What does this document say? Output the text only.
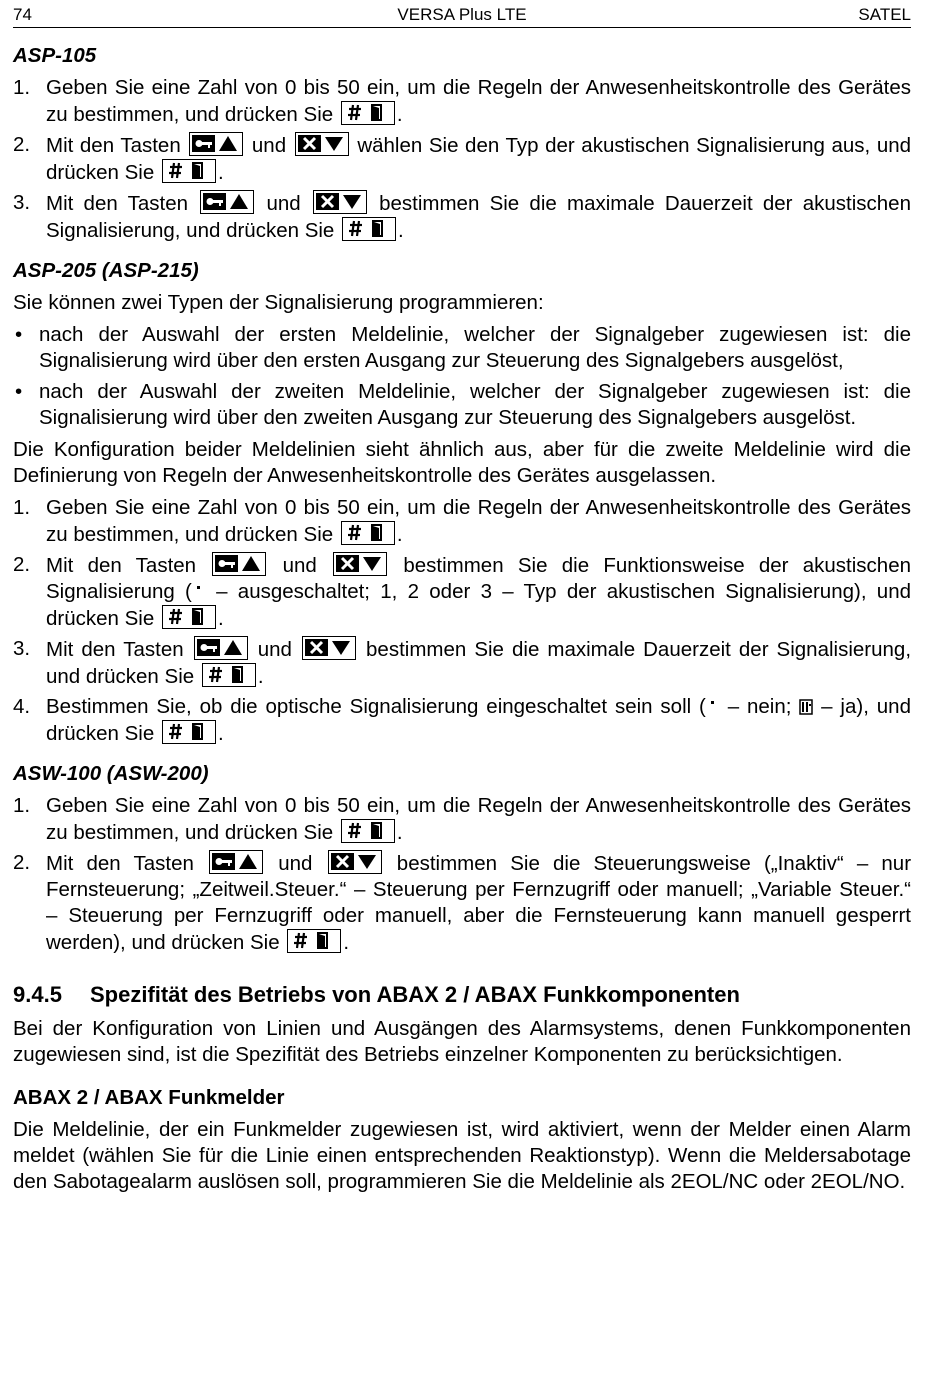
74	VERSA Plus LTE	SATEL
ASP-105
1. Geben Sie eine Zahl von 0 bis 50 ein, um die Regeln der Anwesenheitskontrolle des Gerätes zu bestimmen, und drücken Sie	.
2. Mit den Tasten	und	wählen Sie den Typ der akustischen Signalisierung aus, und drücken Sie	.
3. Mit den Tasten	und	bestimmen Sie die maximale Dauerzeit der akustischen Signalisierung, und drücken Sie	.
ASP-205 (ASP-215)

Sie können zwei Typen der Signalisierung programmieren:

• nach der Auswahl der ersten Meldelinie, welcher der Signalgeber zugewiesen ist: die Signalisierung wird über den ersten Ausgang zur Steuerung des Signalgebers ausgelöst,
• nach der Auswahl der zweiten Meldelinie, welcher der Signalgeber zugewiesen ist: die Signalisierung wird über den zweiten Ausgang zur Steuerung des Signalgebers ausgelöst.

Die Konfiguration beider Meldelinien sieht ähnlich aus, aber für die zweite Meldelinie wird die Definierung von Regeln der Anwesenheitskontrolle des Gerätes ausgelassen.

1. Geben Sie eine Zahl von 0 bis 50 ein, um die Regeln der Anwesenheitskontrolle des Gerätes zu bestimmen, und drücken Sie	.
2. Mit den Tasten	und	bestimmen Sie die Funktionsweise der akustischen Signalisierung ( – ausgeschaltet; 1, 2 oder 3 – Typ der akustischen Signalisierung), und drücken Sie	.
3. Mit den Tasten	und	bestimmen Sie die maximale Dauerzeit der Signalisierung, und drücken Sie	.
4. Bestimmen Sie, ob die optische Signalisierung eingeschaltet sein soll ( – nein; – ja), und drücken Sie	.
ASW-100 (ASW-200)
1. Geben Sie eine Zahl von 0 bis 50 ein, um die Regeln der Anwesenheitskontrolle des Gerätes zu bestimmen, und drücken Sie	.
2. Mit den Tasten	und	bestimmen Sie die Steuerungsweise („Inaktiv“ – nur Fernsteuerung; „Zeitweil.Steuer.“ – Steuerung per Fernzugriff oder manuell; „Variable Steuer.“ – Steuerung per Fernzugriff oder manuell, aber die Fernsteuerung kann manuell gesperrt werden), und drücken Sie	.
9.4.5 Spezifität des Betriebs von ABAX 2 / ABAX Funkkomponenten

Bei der Konfiguration von Linien und Ausgängen des Alarmsystems, denen Funkkomponenten zugewiesen sind, ist die Spezifität des Betriebs einzelner Komponenten zu berücksichtigen.

ABAX 2 / ABAX Funkmelder

Die Meldelinie, der ein Funkmelder zugewiesen ist, wird aktiviert, wenn der Melder einen Alarm meldet (wählen Sie für die Linie einen entsprechenden Reaktionstyp). Wenn die Meldersabotage den Sabotagealarm auslösen soll, programmieren Sie die Meldelinie als 2EOL/NC oder 2EOL/NO.
